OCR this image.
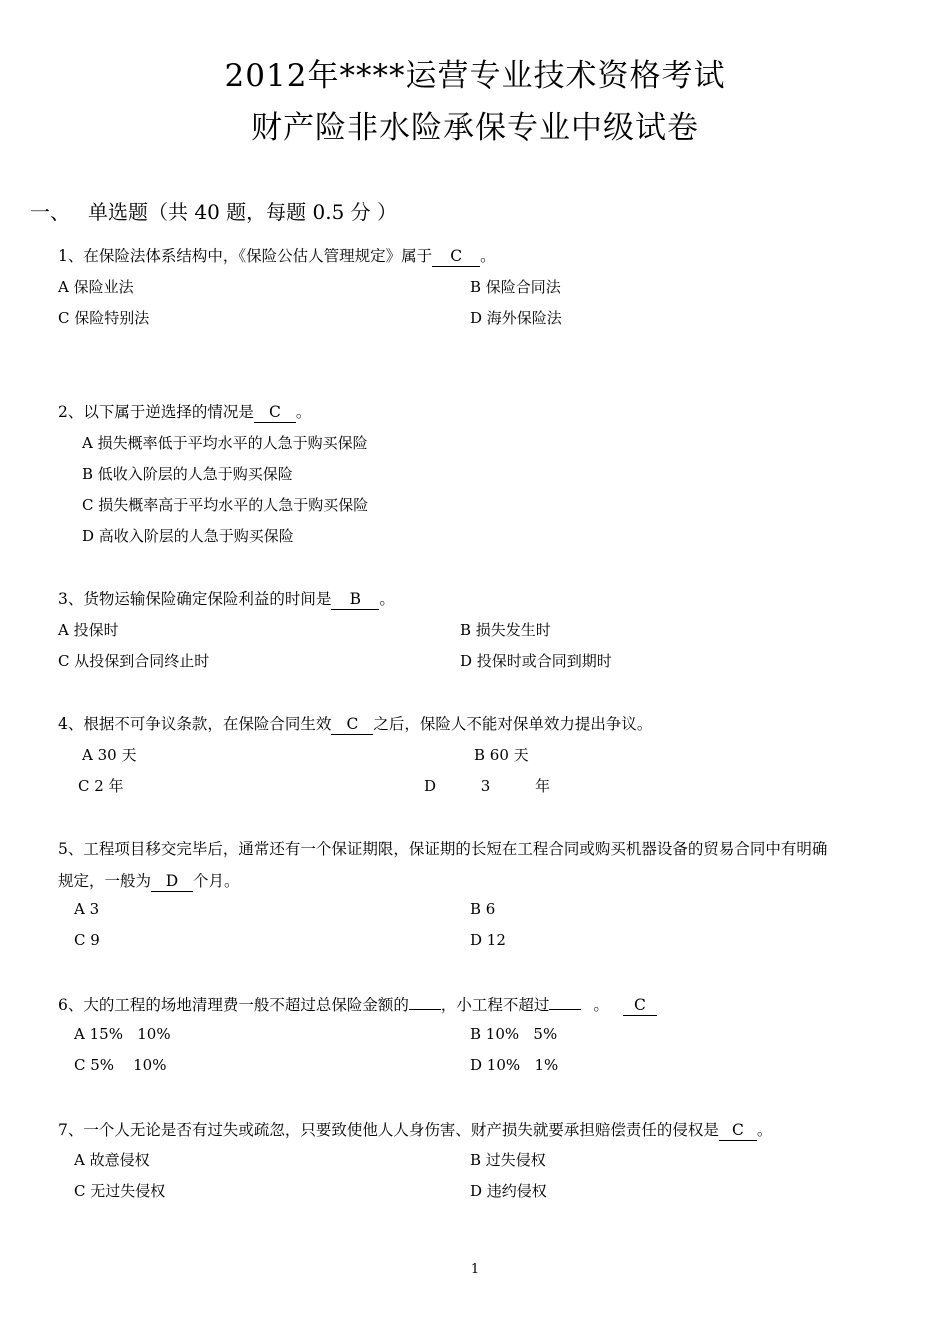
2012年****运营专业技术资格考试
财产险非水险承保专业中级试卷
一、 单选题（共 40 题，每题 0.5 分 ）
1、在保险法体系结构中，《保险公估人管理规定》属于 C 。
A 保险业法	B 保险合同法
C 保险特别法	D 海外保险法
2、以下属于逆选择的情况是 C 。
A 损失概率低于平均水平的人急于购买保险
B 低收入阶层的人急于购买保险
C 损失概率高于平均水平的人急于购买保险
D 高收入阶层的人急于购买保险
3、货物运输保险确定保险利益的时间是 B 。
A 投保时	B 损失发生时
C 从投保到合同终止时	D 投保时或合同到期时
4、根据不可争议条款，在保险合同生效 C 之后，保险人不能对保单效力提出争议。
A 30 天	B 60 天
C 2 年	D 3 年
5、工程项目移交完毕后，通常还有一个保证期限，保证期的长短在工程合同或购买机器设备的贸易合同中有明确
规定，一般为 D 个月。
A 3	B 6
C 9	D 12
6、大的工程的场地清理费一般不超过总保险金额的 ，小工程不超过	。 C
A 15%   10%	B 10%   5%
C 5%    10%	D 10%   1%
7、一个人无论是否有过失或疏忽，只要致使他人人身伤害、财产损失就要承担赔偿责任的侵权是 C 。
A 故意侵权	B 过失侵权
C 无过失侵权	D 违约侵权
1
